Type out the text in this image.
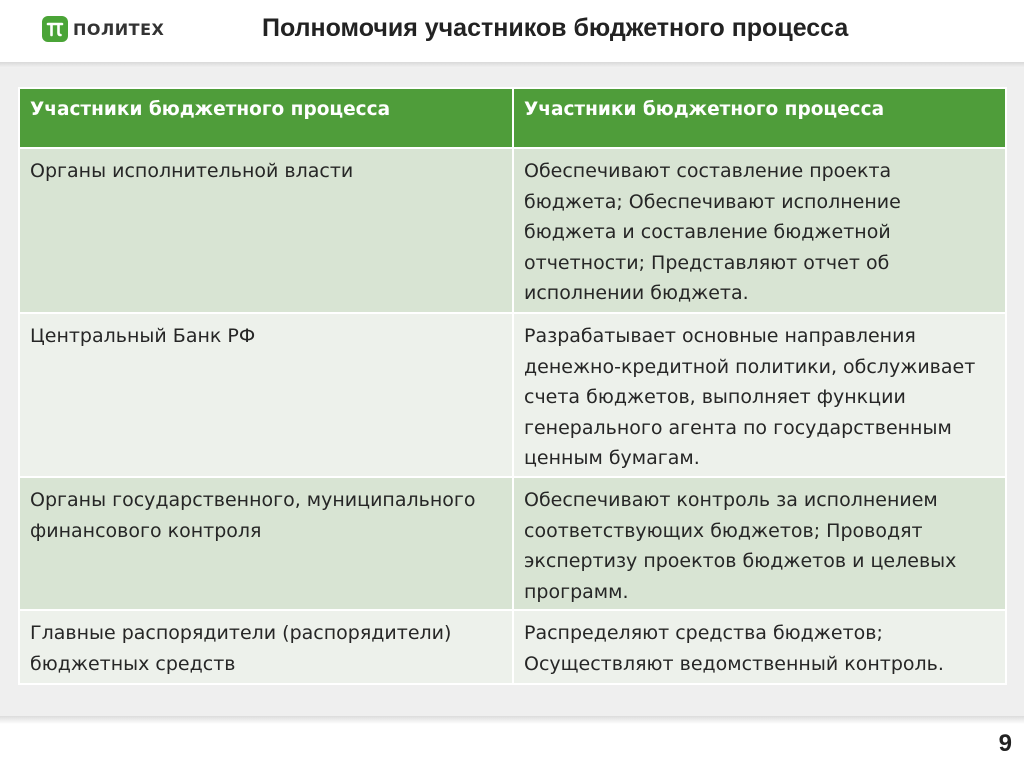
ПОЛИТЕХ	Полномочия участников бюджетного процесса
Участники бюджетного процесса	Участники бюджетного процесса
Органы исполнительной власти	Обеспечивают составление проекта бюджета; Обеспечивают исполнение бюджета и составление бюджетной отчетности; Представляют отчет об исполнении бюджета.
Центральный Банк РФ	Разрабатывает основные направления денежно-кредитной политики, обслуживает счета бюджетов, выполняет функции генерального агента по государственным ценным бумагам.
Органы государственного, муниципального финансового контроля	Обеспечивают контроль за исполнением соответствующих бюджетов; Проводят экспертизу проектов бюджетов и целевых программ.
Главные распорядители (распорядители) бюджетных средств	Распределяют средства бюджетов; Осуществляют ведомственный контроль.
9
